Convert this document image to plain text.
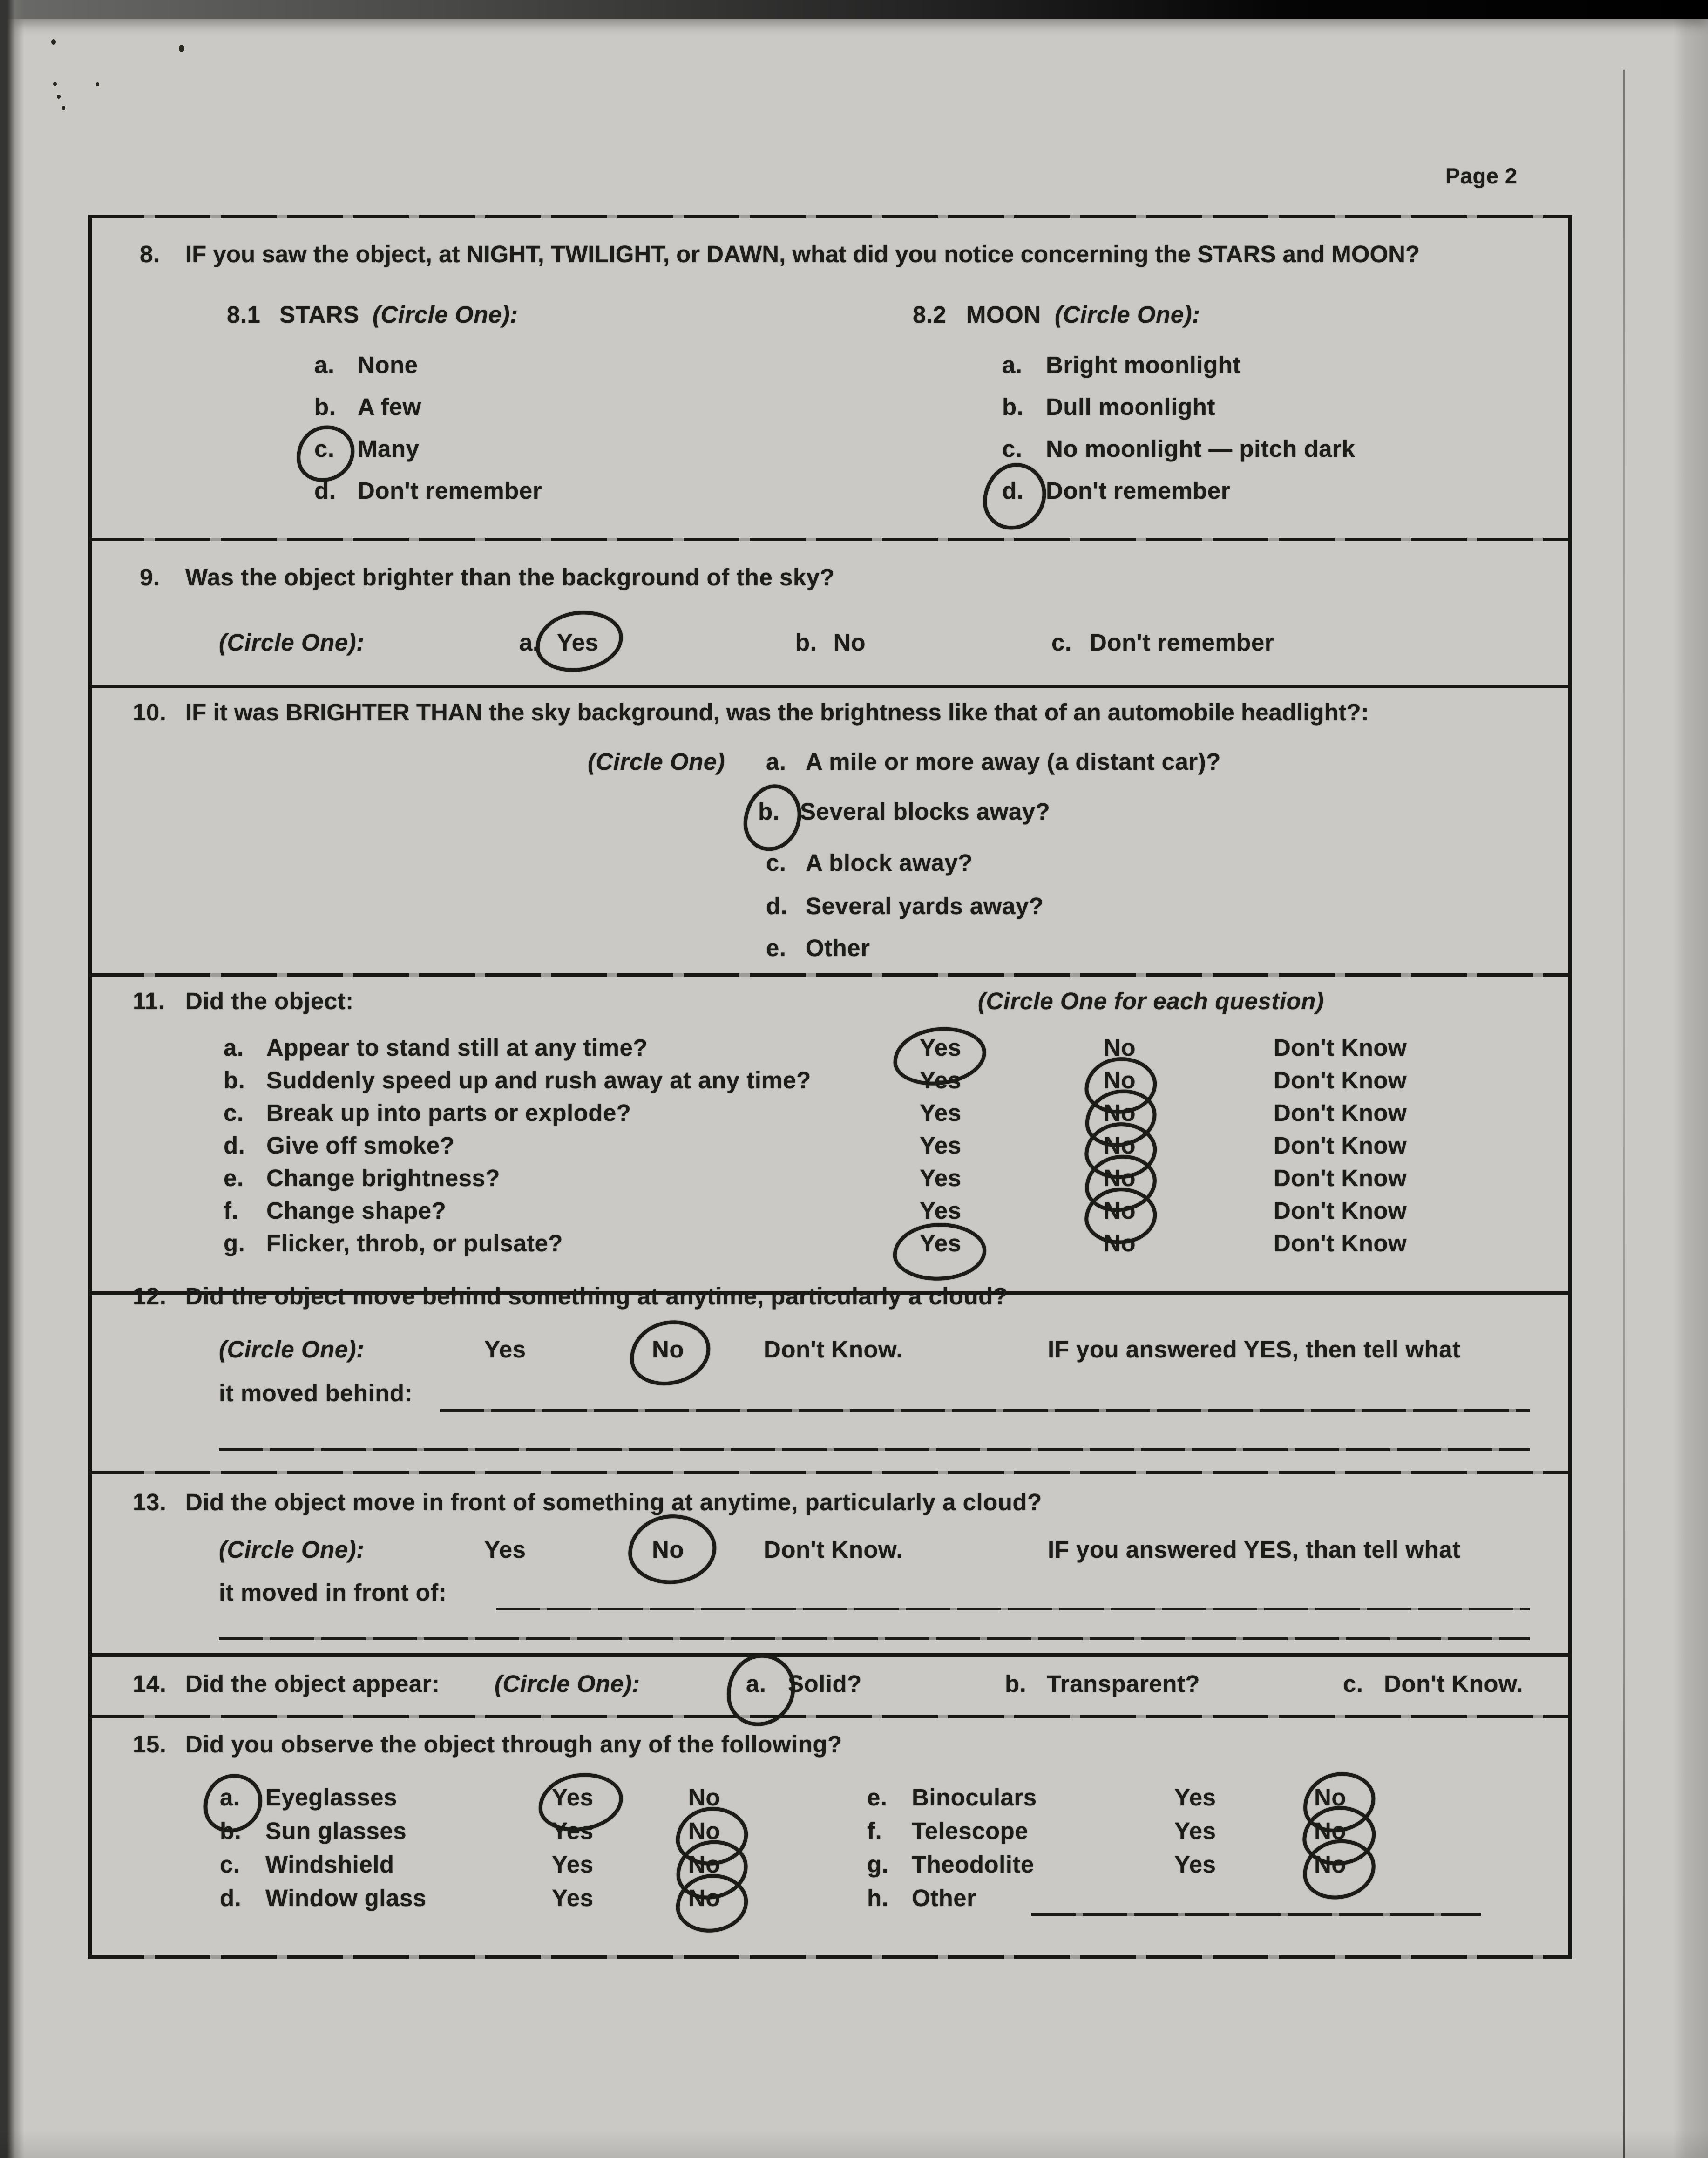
Page 2
8. IF you saw the object, at NIGHT, TWILIGHT, or DAWN, what did you notice concerning the STARS and MOON?
8.1 STARS (Circle One):	8.2 MOON (Circle One):
a. None
b. A few
c. Many
d. Don't remember
a. Bright moonlight
b. Dull moonlight
c. No moonlight — pitch dark
d. Don't remember
9. Was the object brighter than the background of the sky?
(Circle One):	a. Yes	b. No	c. Don't remember
10. IF it was BRIGHTER THAN the sky background, was the brightness like that of an automobile headlight?:
(Circle One) a. A mile or more away (a distant car)?
b. Several blocks away?
c. A block away?
d. Several yards away?
e. Other
11. Did the object:	(Circle One for each question)
a. Appear to stand still at any time?	Yes	No	Don't Know
b. Suddenly speed up and rush away at any time?	Yes	No	Don't Know
c. Break up into parts or explode?	Yes	No	Don't Know
d. Give off smoke?	Yes	No	Don't Know
e. Change brightness?	Yes	No	Don't Know
f. Change shape?	Yes	No	Don't Know
g. Flicker, throb, or pulsate?	Yes	No	Don't Know
12. Did the object move behind something at anytime, particularly a cloud?
(Circle One):	Yes	No	Don't Know.	IF you answered YES, then tell what
it moved behind:
13. Did the object move in front of something at anytime, particularly a cloud?
(Circle One):	Yes	No	Don't Know.	IF you answered YES, than tell what
it moved in front of:
14. Did the object appear: (Circle One):	a. Solid?	b. Transparent?	c. Don't Know.
15. Did you observe the object through any of the following?
a. Eyeglasses	Yes	No
b. Sun glasses	Yes	No
c. Windshield	Yes	No
d. Window glass	Yes	No
e. Binoculars	Yes	No
f. Telescope	Yes	No
g. Theodolite	Yes	No
h. Other
